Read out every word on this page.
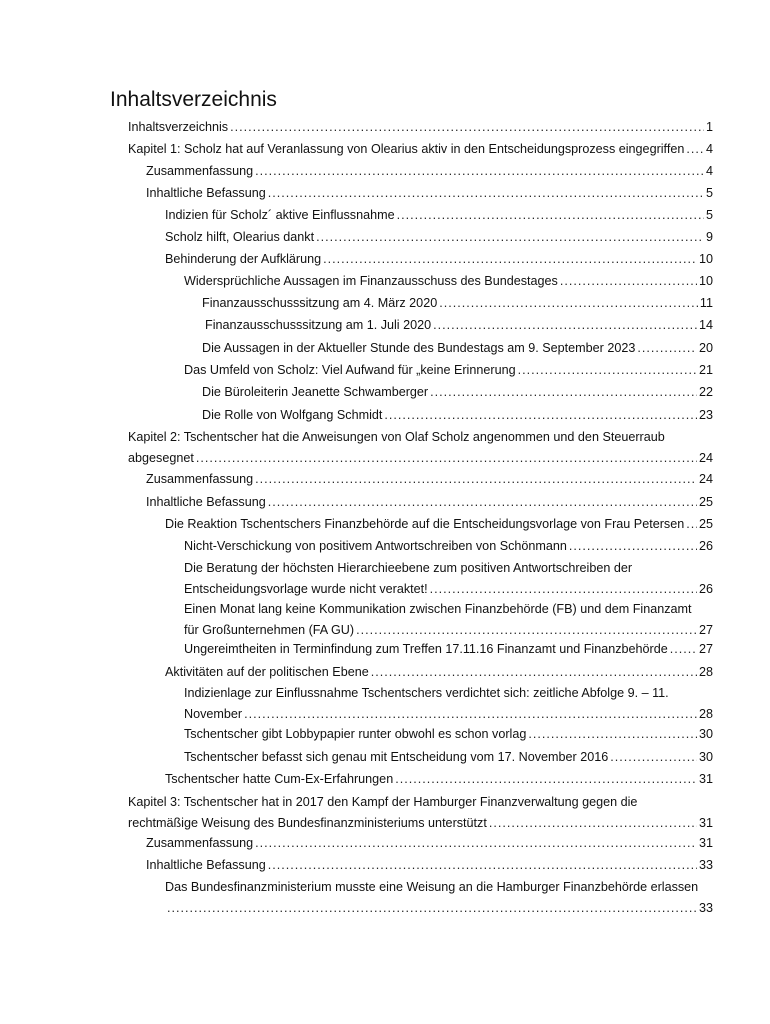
Inhaltsverzeichnis
Inhaltsverzeichnis .....	1
Kapitel 1: Scholz hat auf Veranlassung von Olearius aktiv in den Entscheidungsprozess eingegriffen ..... 4
Zusammenfassung .....	4
Inhaltliche Befassung .....	5
Indizien für Scholz´ aktive Einflussnahme .....	5
Scholz hilft, Olearius dankt .....	9
Behinderung der Aufklärung .....	10
Widersprüchliche Aussagen im Finanzausschuss des Bundestages .....	10
Finanzausschusssitzung am 4. März 2020 .....	11
Finanzausschusssitzung am 1. Juli 2020 .....	14
Die Aussagen in der Aktueller Stunde des Bundestags am 9. September 2023 .....	20
Das Umfeld von Scholz: Viel Aufwand für „keine Erinnerung .....	21
Die Büroleiterin Jeanette Schwamberger .....	22
Die Rolle von Wolfgang Schmidt .....	23
Kapitel 2: Tschentscher hat die Anweisungen von Olaf Scholz angenommen und den Steuerraub
abgesegnet .....	24
Zusammenfassung .....	24
Inhaltliche Befassung .....	25
Die Reaktion Tschentschers Finanzbehörde auf die Entscheidungsvorlage von Frau Petersen ..... 25
Nicht-Verschickung von positivem Antwortschreiben von Schönmann .....	26
Die Beratung der höchsten Hierarchieebene zum positiven Antwortschreiben der
Entscheidungsvorlage wurde nicht veraktet! .....	26
Einen Monat lang keine Kommunikation zwischen Finanzbehörde (FB) und dem Finanzamt
für Großunternehmen (FA GU) .....	27
Ungereimtheiten in Terminfindung zum Treffen 17.11.16 Finanzamt und Finanzbehörde ..... 27
Aktivitäten auf der politischen Ebene .....	28
Indizienlage zur Einflussnahme Tschentschers verdichtet sich: zeitliche Abfolge 9. – 11.
November .....	28
Tschentscher gibt Lobbypapier runter obwohl es schon vorlag .....	30
Tschentscher befasst sich genau mit Entscheidung vom 17. November 2016 .....	30
Tschentscher hatte Cum-Ex-Erfahrungen .....	31
Kapitel 3: Tschentscher hat in 2017 den Kampf der Hamburger Finanzverwaltung gegen die
rechtmäßige Weisung des Bundesfinanzministeriums unterstützt .....	31
Zusammenfassung .....	31
Inhaltliche Befassung .....	33
Das Bundesfinanzministerium musste eine Weisung an die Hamburger Finanzbehörde erlassen
.....
33
